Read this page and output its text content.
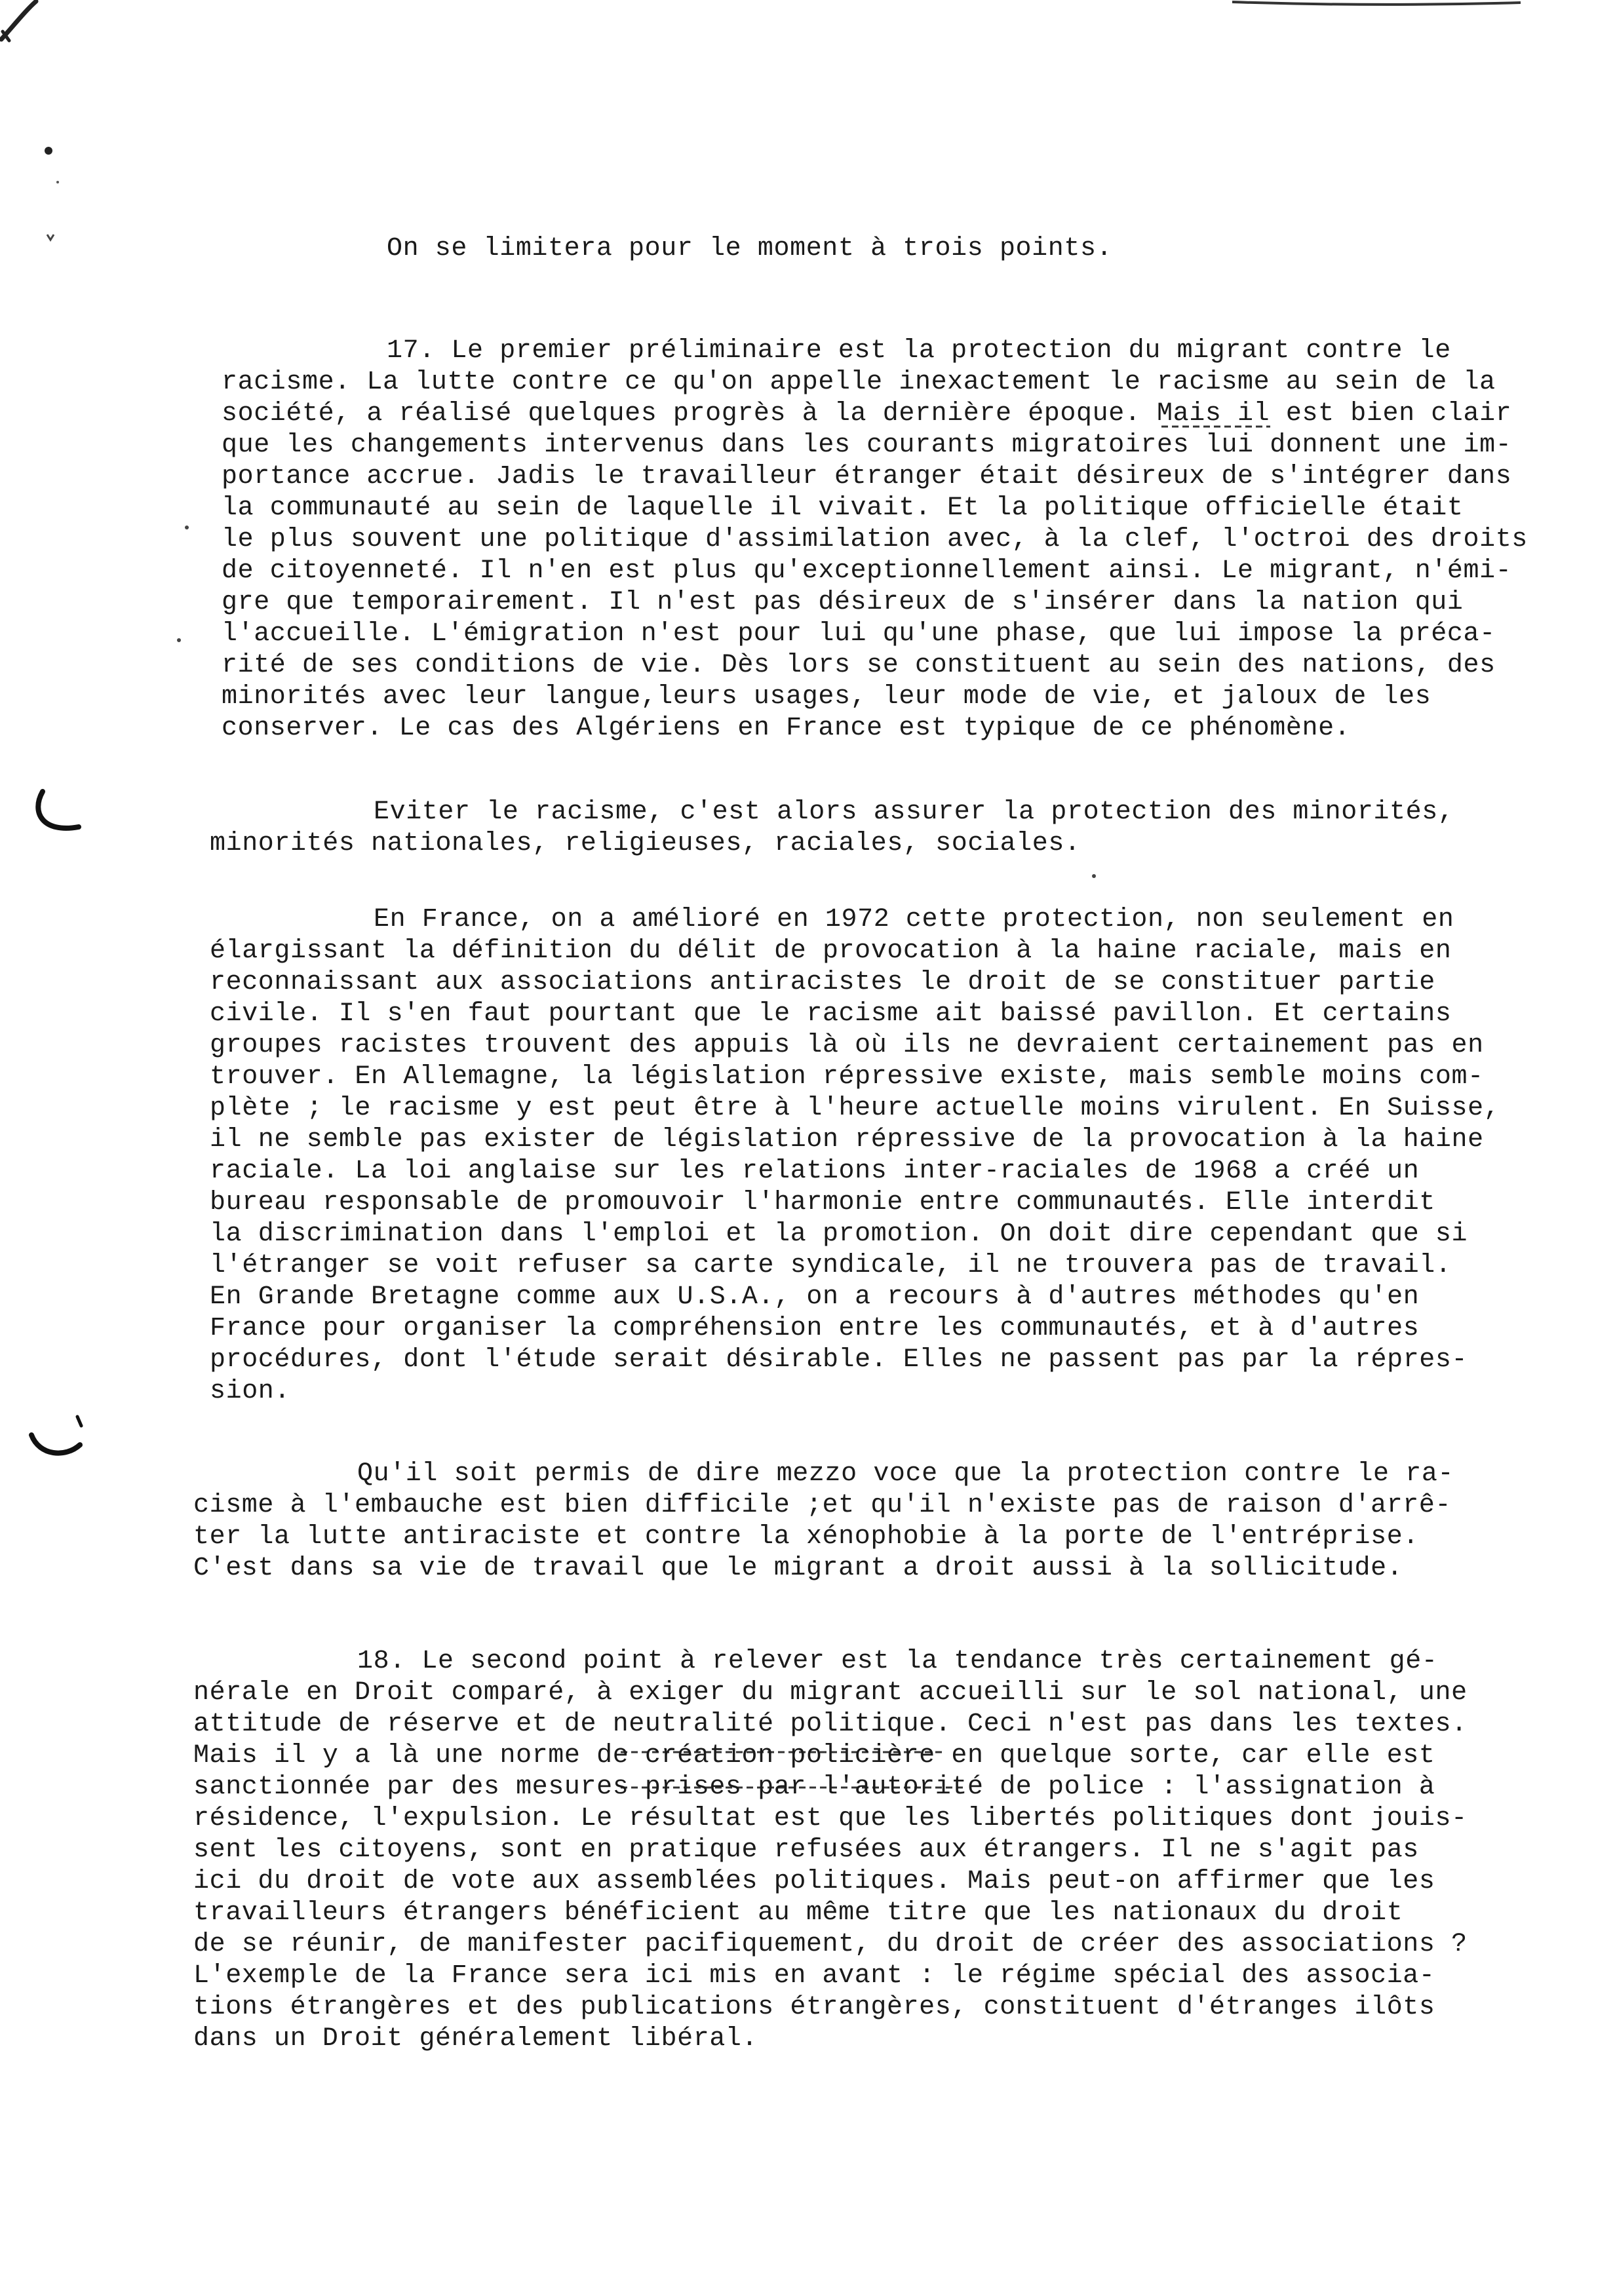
On se limitera pour le moment à trois points.
17. Le premier préliminaire est la protection du migrant contre le
racisme. La lutte contre ce qu'on appelle inexactement le racisme au sein de la
société, a réalisé quelques progrès à la dernière époque. Mais il est bien clair
que les changements intervenus dans les courants migratoires lui donnent une im-
portance accrue. Jadis le travailleur étranger était désireux de s'intégrer dans
la communauté au sein de laquelle il vivait. Et la politique officielle était
le plus souvent une politique d'assimilation avec, à la clef, l'octroi des droits
de citoyenneté. Il n'en est plus qu'exceptionnellement ainsi. Le migrant, n'émi-
gre que temporairement. Il n'est pas désireux de s'insérer dans la nation qui
l'accueille. L'émigration n'est pour lui qu'une phase, que lui impose la préca-
rité de ses conditions de vie. Dès lors se constituent au sein des nations, des
minorités avec leur langue,leurs usages, leur mode de vie, et jaloux de les
conserver. Le cas des Algériens en France est typique de ce phénomène.
Eviter le racisme, c'est alors assurer la protection des minorités,
minorités nationales, religieuses, raciales, sociales.
En France, on a amélioré en 1972 cette protection, non seulement en
élargissant la définition du délit de provocation à la haine raciale, mais en
reconnaissant aux associations antiracistes le droit de se constituer partie
civile. Il s'en faut pourtant que le racisme ait baissé pavillon. Et certains
groupes racistes trouvent des appuis là où ils ne devraient certainement pas en
trouver. En Allemagne, la législation répressive existe, mais semble moins com-
plète ; le racisme y est peut être à l'heure actuelle moins virulent. En Suisse,
il ne semble pas exister de législation répressive de la provocation à la haine
raciale. La loi anglaise sur les relations inter-raciales de 1968 a créé un
bureau responsable de promouvoir l'harmonie entre communautés. Elle interdit
la discrimination dans l'emploi et la promotion. On doit dire cependant que si
l'étranger se voit refuser sa carte syndicale, il ne trouvera pas de travail.
En Grande Bretagne comme aux U.S.A., on a recours à d'autres méthodes qu'en
France pour organiser la compréhension entre les communautés, et à d'autres
procédures, dont l'étude serait désirable. Elles ne passent pas par la répres-
sion.
Qu'il soit permis de dire mezzo voce que la protection contre le ra-
cisme à l'embauche est bien difficile ;et qu'il n'existe pas de raison d'arrê-
ter la lutte antiraciste et contre la xénophobie à la porte de l'entréprise.
C'est dans sa vie de travail que le migrant a droit aussi à la sollicitude.
18. Le second point à relever est la tendance très certainement gé-
nérale en Droit comparé, à exiger du migrant accueilli sur le sol national, une
attitude de réserve et de neutralité politique. Ceci n'est pas dans les textes.
Mais il y a là une norme de création policière en quelque sorte, car elle est
sanctionnée par des mesures prises par l'autorité de police : l'assignation à
résidence, l'expulsion. Le résultat est que les libertés politiques dont jouis-
sent les citoyens, sont en pratique refusées aux étrangers. Il ne s'agit pas
ici du droit de vote aux assemblées politiques. Mais peut-on affirmer que les
travailleurs étrangers bénéficient au même titre que les nationaux du droit
de se réunir, de manifester pacifiquement, du droit de créer des associations ?
L'exemple de la France sera ici mis en avant : le régime spécial des associa-
tions étrangères et des publications étrangères, constituent d'étranges ilôts
dans un Droit généralement libéral.
